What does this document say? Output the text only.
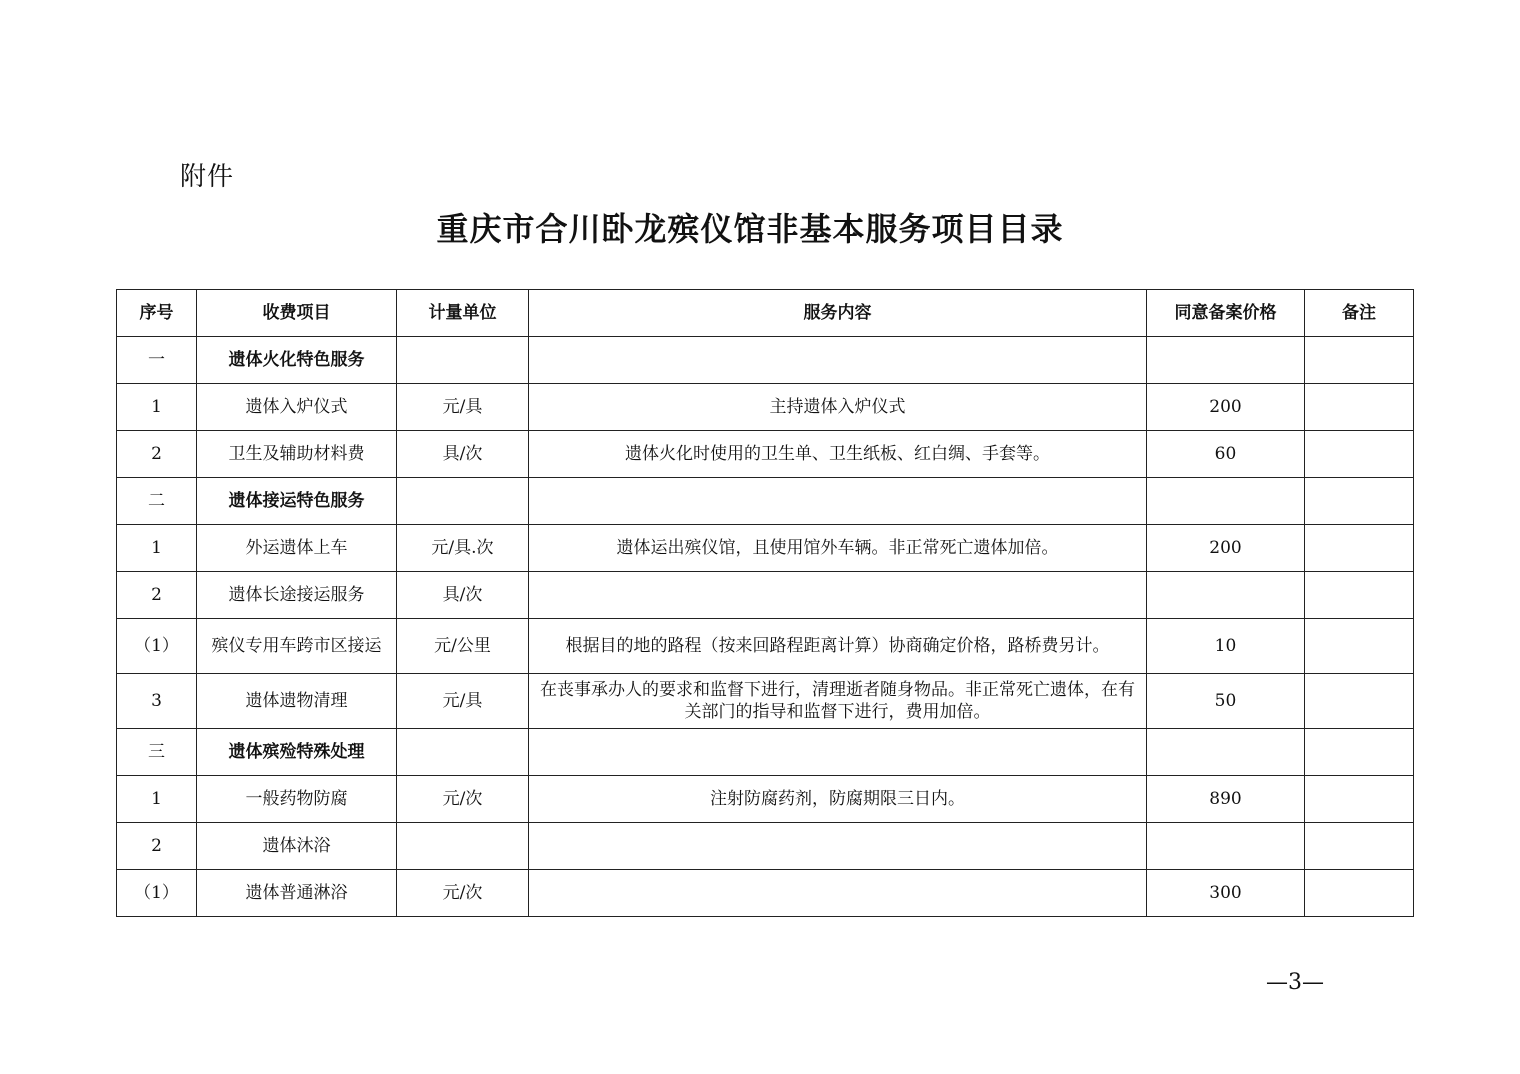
附件
重庆市合川卧龙殡仪馆非基本服务项目目录
序号	收费项目	计量单位	服务内容	同意备案价格	备注
一	遗体火化特色服务				
1	遗体入炉仪式	元/具	主持遗体入炉仪式	200	
2	卫生及辅助材料费	具/次	遗体火化时使用的卫生单、卫生纸板、红白绸、手套等。	60	
二	遗体接运特色服务				
1	外运遗体上车	元/具.次	遗体运出殡仪馆，且使用馆外车辆。非正常死亡遗体加倍。	200	
2	遗体长途接运服务	具/次			
（1）	殡仪专用车跨市区接运	元/公里	根据目的地的路程（按来回路程距离计算）协商确定价格，路桥费另计。	10	
3	遗体遗物清理	元/具	在丧事承办人的要求和监督下进行，清理逝者随身物品。非正常死亡遗体，在有关部门的指导和监督下进行，费用加倍。	50	
三	遗体殡殓特殊处理				
1	一般药物防腐	元/次	注射防腐药剂，防腐期限三日内。	890	
2	遗体沐浴				
（1）	遗体普通淋浴	元/次		300	
—3—
